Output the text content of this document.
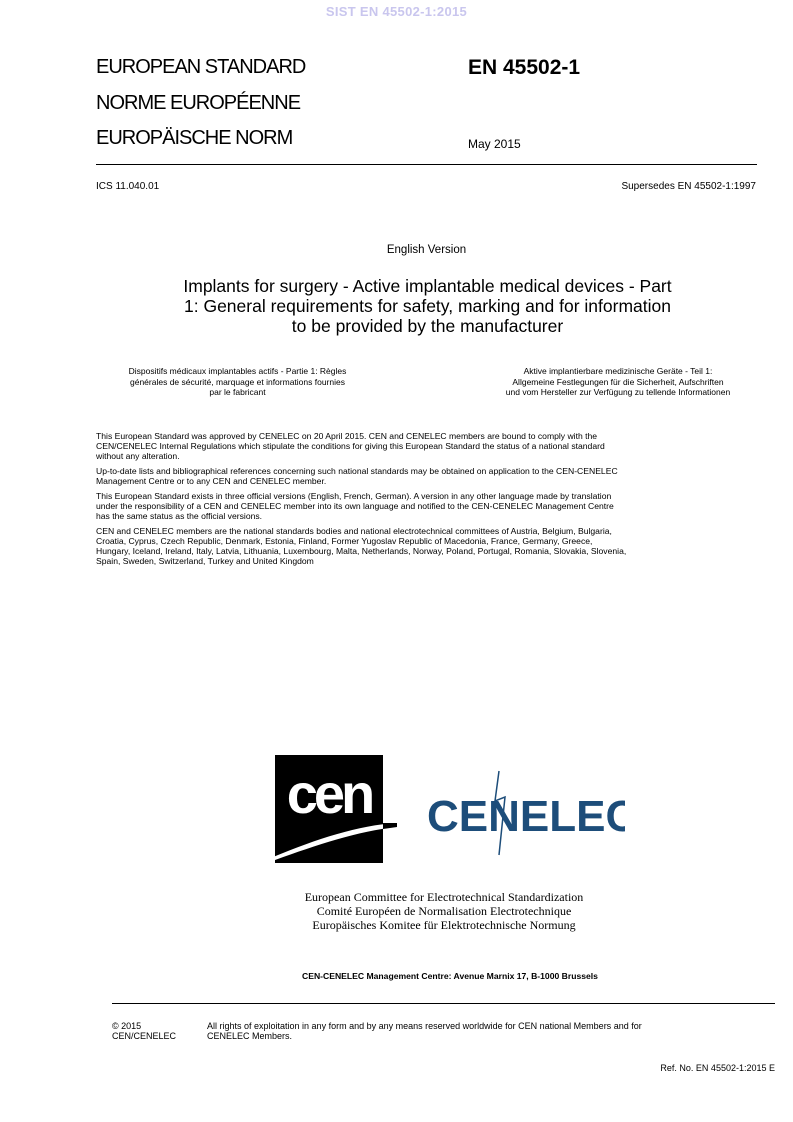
SIST EN 45502-1:2015
EUROPEAN STANDARD
NORME EUROPÉENNE
EUROPÄISCHE NORM
EN 45502-1
May 2015
ICS 11.040.01	Supersedes EN 45502-1:1997
English Version
Implants for surgery - Active implantable medical devices - Part
1: General requirements for safety, marking and for information
to be provided by the manufacturer
Dispositifs médicaux implantables actifs - Partie 1: Règles
générales de sécurité, marquage et informations fournies
par le fabricant
Aktive implantierbare medizinische Geräte - Teil 1:
Allgemeine Festlegungen für die Sicherheit, Aufschriften
und vom Hersteller zur Verfügung zu tellende Informationen

This European Standard was approved by CENELEC on 20 April 2015. CEN and CENELEC members are bound to comply with the
CEN/CENELEC Internal Regulations which stipulate the conditions for giving this European Standard the status of a national standard
without any alteration.

Up-to-date lists and bibliographical references concerning such national standards may be obtained on application to the CEN-CENELEC
Management Centre or to any CEN and CENELEC member.

This European Standard exists in three official versions (English, French, German). A version in any other language made by translation
under the responsibility of a CEN and CENELEC member into its own language and notified to the CEN-CENELEC Management Centre
has the same status as the official versions.

CEN and CENELEC members are the national standards bodies and national electrotechnical committees of Austria, Belgium, Bulgaria,
Croatia, Cyprus, Czech Republic, Denmark, Estonia, Finland, Former Yugoslav Republic of Macedonia, France, Germany, Greece,
Hungary, Iceland, Ireland, Italy, Latvia, Lithuania, Luxembourg, Malta, Netherlands, Norway, Poland, Portugal, Romania, Slovakia, Slovenia,
Spain, Sweden, Switzerland, Turkey and United Kingdom

cen CENELEC
European Committee for Electrotechnical Standardization
Comité Européen de Normalisation Electrotechnique
Europäisches Komitee für Elektrotechnische Normung
CEN-CENELEC Management Centre: Avenue Marnix 17, B-1000 Brussels
© 2015
CEN/CENELEC
All rights of exploitation in any form and by any means reserved worldwide for CEN national Members and for
CENELEC Members.
Ref. No. EN 45502-1:2015 E
